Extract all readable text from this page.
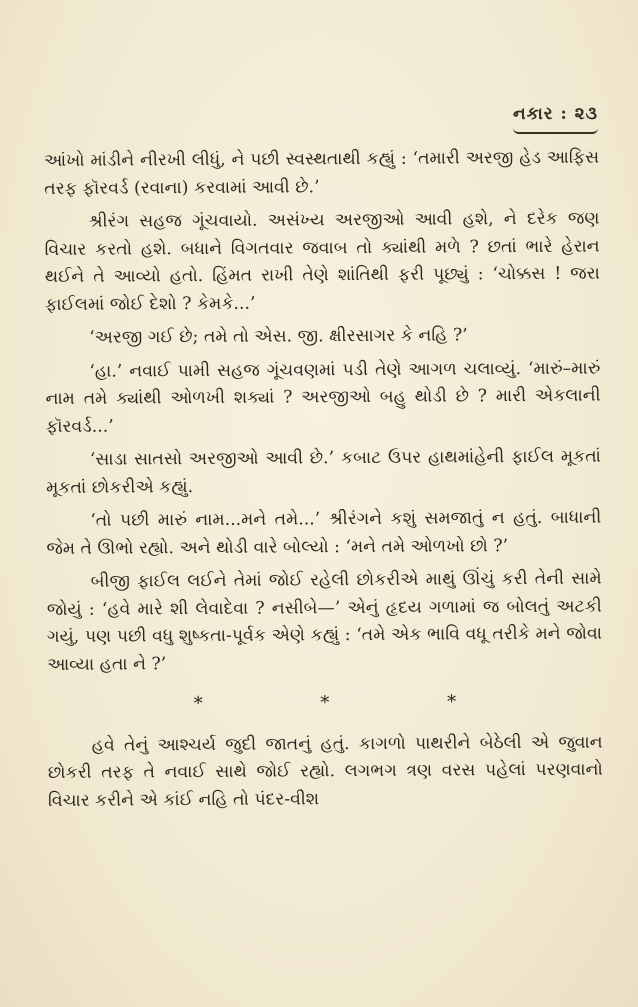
નકાર : ૨૩

આંખો માંડીને નીરખી લીધું, ને પછી સ્વસ્થતાથી કહ્યું : ‘તમારી અરજી હેડ આફિસ તરફ ફૉરવર્ડ (રવાના) કરવામાં આવી છે.’

શ્રીરંગ સહજ ગૂંચવાયો. અસંખ્ય અરજીઓ આવી હશે, ને દરેક જણ વિચાર કરતો હશે. બધાને વિગતવાર જવાબ તો ક્યાંથી મળે ? છતાં ભારે હેરાન થઈને તે આવ્યો હતો. હિંમત રાખી તેણે શાંતિથી ફરી પૂછ્યું : ‘ચોક્કસ ! જરા ફાઈલમાં જોઈ દેશો ? કેમકે...’

‘અરજી ગઈ છે; તમે તો એસ. જી. ક્ષીરસાગર કે નહિ ?’

‘હા.’ નવાઈ પામી સહજ ગૂંચવણમાં પડી તેણે આગળ ચલાવ્યું. ‘મારું–મારું નામ તમે ક્યાંથી ઓળખી શક્યાં ? અરજીઓ બહુ થોડી છે ? મારી એકલાની ફૉરવર્ડ...’

‘સાડા સાતસો અરજીઓ આવી છે.’ કબાટ ઉપર હાથમાંહેની ફાઈલ મૂકતાં મૂકતાં છોકરીએ કહ્યું.

‘તો પછી મારું નામ...મને તમે...’ શ્રીરંગને કશું સમજાતું ન હતું. બાધાની જેમ તે ઊભો રહ્યો. અને થોડી વારે બોલ્યો : ‘મને તમે ઓળખો છો ?’

બીજી ફાઈલ લઈને તેમાં જોઈ રહેલી છોકરીએ માથું ઊંચું કરી તેની સામે જોયું : ‘હવે મારે શી લેવાદેવા ? નસીબે—’ એનું હૃદય ગળામાં જ બોલતું અટકી ગયું, પણ પછી વધુ શુષ્કતા-પૂર્વક એણે કહ્યું : ‘તમે એક ભાવિ વધૂ તરીકે મને જોવા આવ્યા હતા ને ?’

*	*	*

હવે તેનું આશ્ચર્ય જુદી જાતનું હતું. કાગળો પાથરીને બેઠેલી એ જુવાન છોકરી તરફ તે નવાઈ સાથે જોઈ રહ્યો. લગભગ ત્રણ વરસ પહેલાં પરણવાનો વિચાર કરીને એ કાંઈ નહિ તો પંદર-વીશ
